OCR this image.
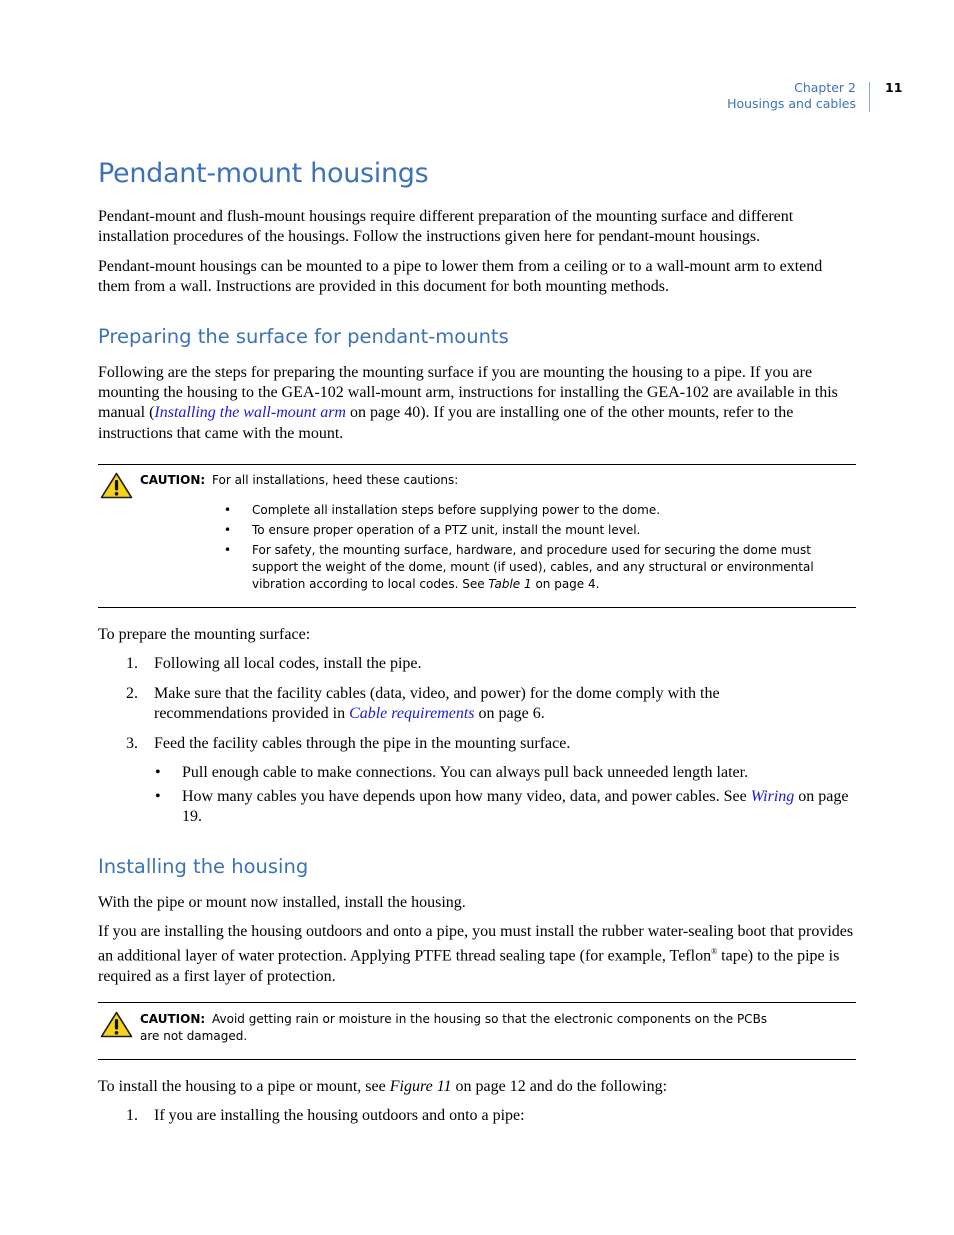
Chapter 2
Housings and cables
11
Pendant-mount housings

Pendant-mount and flush-mount housings require different preparation of the mounting surface and different installation procedures of the housings. Follow the instructions given here for pendant-mount housings.

Pendant-mount housings can be mounted to a pipe to lower them from a ceiling or to a wall-mount arm to extend them from a wall. Instructions are provided in this document for both mounting methods.

Preparing the surface for pendant-mounts

Following are the steps for preparing the mounting surface if you are mounting the housing to a pipe. If you are mounting the housing to the GEA-102 wall-mount arm, instructions for installing the GEA-102 are available in this manual (Installing the wall-mount arm on page 40). If you are installing one of the other mounts, refer to the instructions that came with the mount.

CAUTION: For all installations, heed these cautions:
• Complete all installation steps before supplying power to the dome.
• To ensure proper operation of a PTZ unit, install the mount level.
• For safety, the mounting surface, hardware, and procedure used for securing the dome must support the weight of the dome, mount (if used), cables, and any structural or environmental vibration according to local codes. See Table 1 on page 4.

To prepare the mounting surface:

1. Following all local codes, install the pipe.
2. Make sure that the facility cables (data, video, and power) for the dome comply with the recommendations provided in Cable requirements on page 6.
3. Feed the facility cables through the pipe in the mounting surface.
• Pull enough cable to make connections. You can always pull back unneeded length later.
• How many cables you have depends upon how many video, data, and power cables. See Wiring on page 19.
Installing the housing

With the pipe or mount now installed, install the housing.

If you are installing the housing outdoors and onto a pipe, you must install the rubber water-sealing boot that provides an additional layer of water protection. Applying PTFE thread sealing tape (for example, Teflon® tape) to the pipe is required as a first layer of protection.

CAUTION: Avoid getting rain or moisture in the housing so that the electronic components on the PCBs are not damaged.

To install the housing to a pipe or mount, see Figure 11 on page 12 and do the following:

1. If you are installing the housing outdoors and onto a pipe:
